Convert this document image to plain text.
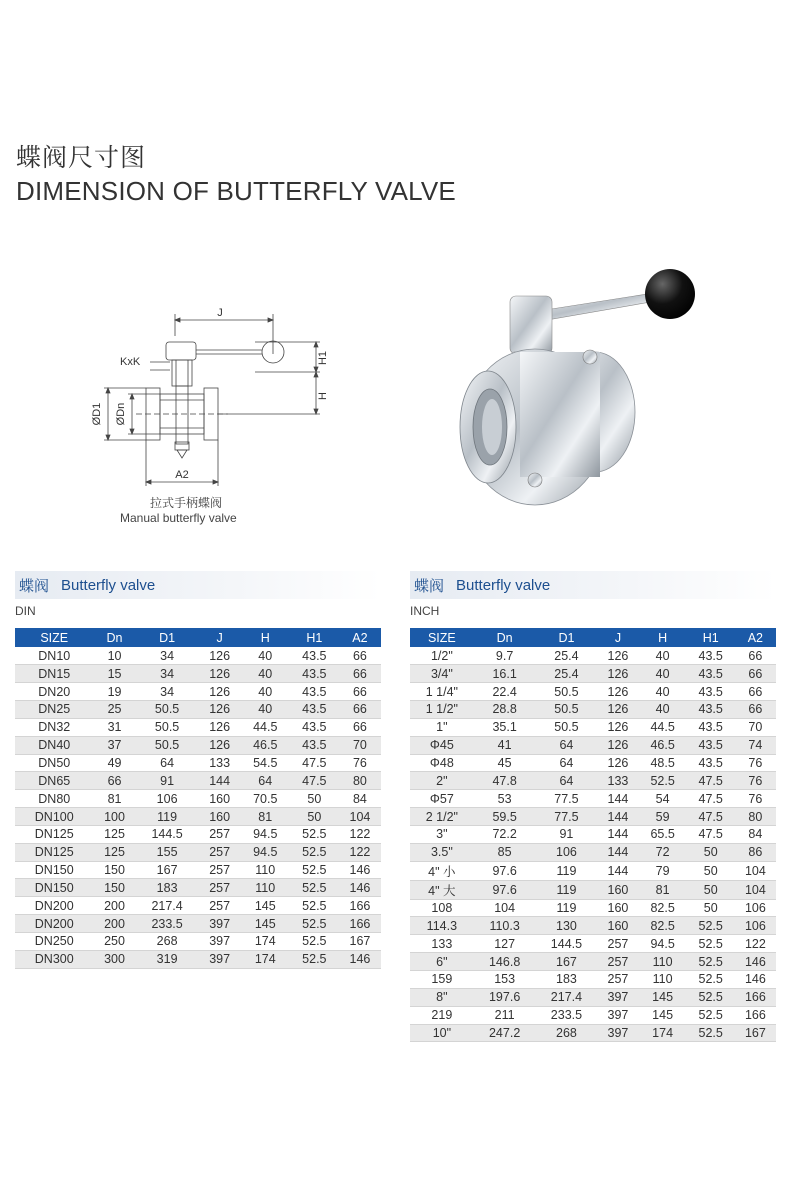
蝶阀尺寸图
DIMENSION OF BUTTERFLY VALVE
J
KxK	H1
H
ØD1 ØDn
A2
拉式手柄蝶阀
Manual butterfly valve
蝶阀 Butterfly valve
DIN
SIZE	Dn	D1	J	H	H1	A2
DN10	10	34	126	40	43.5	66
DN15	15	34	126	40	43.5	66
DN20	19	34	126	40	43.5	66
DN25	25	50.5	126	40	43.5	66
DN32	31	50.5	126	44.5	43.5	66
DN40	37	50.5	126	46.5	43.5	70
DN50	49	64	133	54.5	47.5	76
DN65	66	91	144	64	47.5	80
DN80	81	106	160	70.5	50	84
DN100	100	119	160	81	50	104
DN125	125	144.5	257	94.5	52.5	122
DN125	125	155	257	94.5	52.5	122
DN150	150	167	257	110	52.5	146
DN150	150	183	257	110	52.5	146
DN200	200	217.4	257	145	52.5	166
DN200	200	233.5	397	145	52.5	166
DN250	250	268	397	174	52.5	167
DN300	300	319	397	174	52.5	146
蝶阀 Butterfly valve
INCH
SIZE	Dn	D1	J	H	H1	A2
1/2"	9.7	25.4	126	40	43.5	66
3/4"	16.1	25.4	126	40	43.5	66
1 1/4"	22.4	50.5	126	40	43.5	66
1 1/2"	28.8	50.5	126	40	43.5	66
1"	35.1	50.5	126	44.5	43.5	70
Φ45	41	64	126	46.5	43.5	74
Φ48	45	64	126	48.5	43.5	76
2"	47.8	64	133	52.5	47.5	76
Φ57	53	77.5	144	54	47.5	76
2 1/2"	59.5	77.5	144	59	47.5	80
3"	72.2	91	144	65.5	47.5	84
3.5"	85	106	144	72	50	86
4" 小	97.6	119	144	79	50	104
4" 大	97.6	119	160	81	50	104
108	104	119	160	82.5	50	106
114.3	110.3	130	160	82.5	52.5	106
133	127	144.5	257	94.5	52.5	122
6"	146.8	167	257	110	52.5	146
159	153	183	257	110	52.5	146
8"	197.6	217.4	397	145	52.5	166
219	211	233.5	397	145	52.5	166
10"	247.2	268	397	174	52.5	167
